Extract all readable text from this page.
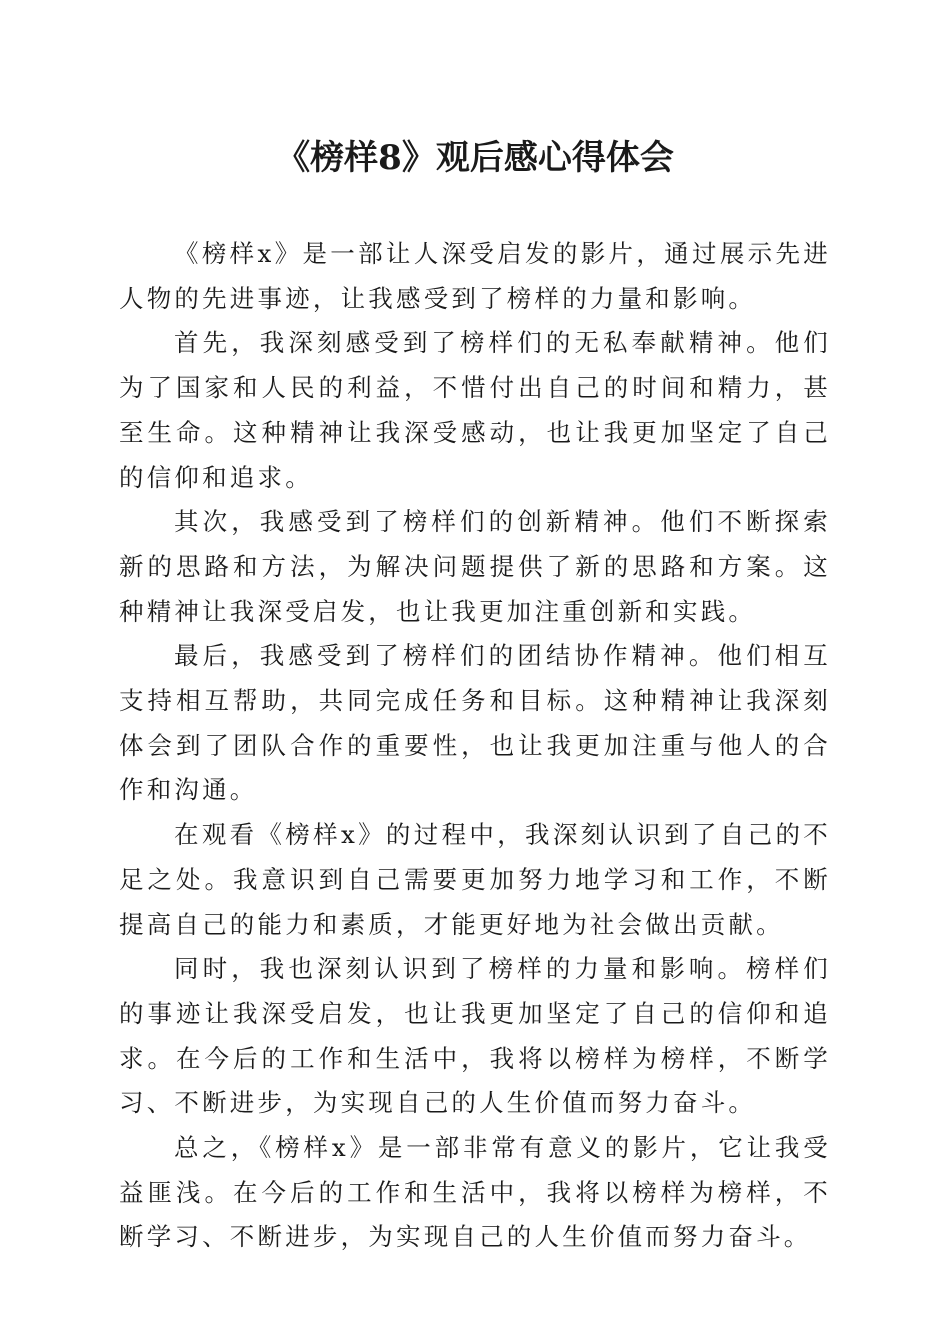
《榜样8》观后感心得体会

《榜样x》是一部让人深受启发的影片，通过展示先进人物的先进事迹，让我感受到了榜样的力量和影响。

首先，我深刻感受到了榜样们的无私奉献精神。他们为了国家和人民的利益，不惜付出自己的时间和精力，甚至生命。这种精神让我深受感动，也让我更加坚定了自己的信仰和追求。

其次，我感受到了榜样们的创新精神。他们不断探索新的思路和方法，为解决问题提供了新的思路和方案。这种精神让我深受启发，也让我更加注重创新和实践。

最后，我感受到了榜样们的团结协作精神。他们相互支持相互帮助，共同完成任务和目标。这种精神让我深刻体会到了团队合作的重要性，也让我更加注重与他人的合作和沟通。

在观看《榜样x》的过程中，我深刻认识到了自己的不足之处。我意识到自己需要更加努力地学习和工作，不断提高自己的能力和素质，才能更好地为社会做出贡献。

同时，我也深刻认识到了榜样的力量和影响。榜样们的事迹让我深受启发，也让我更加坚定了自己的信仰和追求。在今后的工作和生活中，我将以榜样为榜样，不断学习、不断进步，为实现自己的人生价值而努力奋斗。

总之，《榜样x》是一部非常有意义的影片，它让我受益匪浅。在今后的工作和生活中，我将以榜样为榜样，不断学习、不断进步，为实现自己的人生价值而努力奋斗。
